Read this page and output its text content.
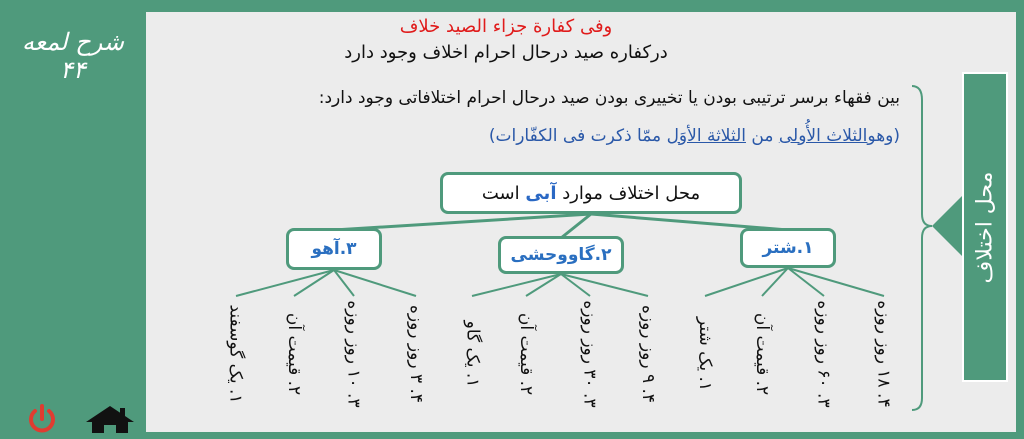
شرح لمعه ۴۴
وفی کفارة جزاء الصید خلاف
درکفاره صید درحال احرام اخلاف وجود دارد
محل اختلاف
بین فقهاء برسر ترتیبی بودن یا تخییری بودن صید درحال احرام اختلافاتی وجود دارد:
(وهوالثلاث الأُولی من الثلاثة الأوَل ممّا ذکرت فی الکفّارات)
محل اختلاف موارد

آبی

است
۱.شتر
۲.گاووحشی
۳.آهو
۱. یک شتر
۲. قیمت آن
۳. ۶۰ روز روزه
۴. ۱۸ روز روزه
۱. یک گاو ۲. قیمت آن
۳. ۳۰ روز روزه
۴. ۹ روز روزه
۱. یک گوسفند
۲. قیمت آن
۳. ۱۰ روز روزه
۴. ۳ روز روزه
